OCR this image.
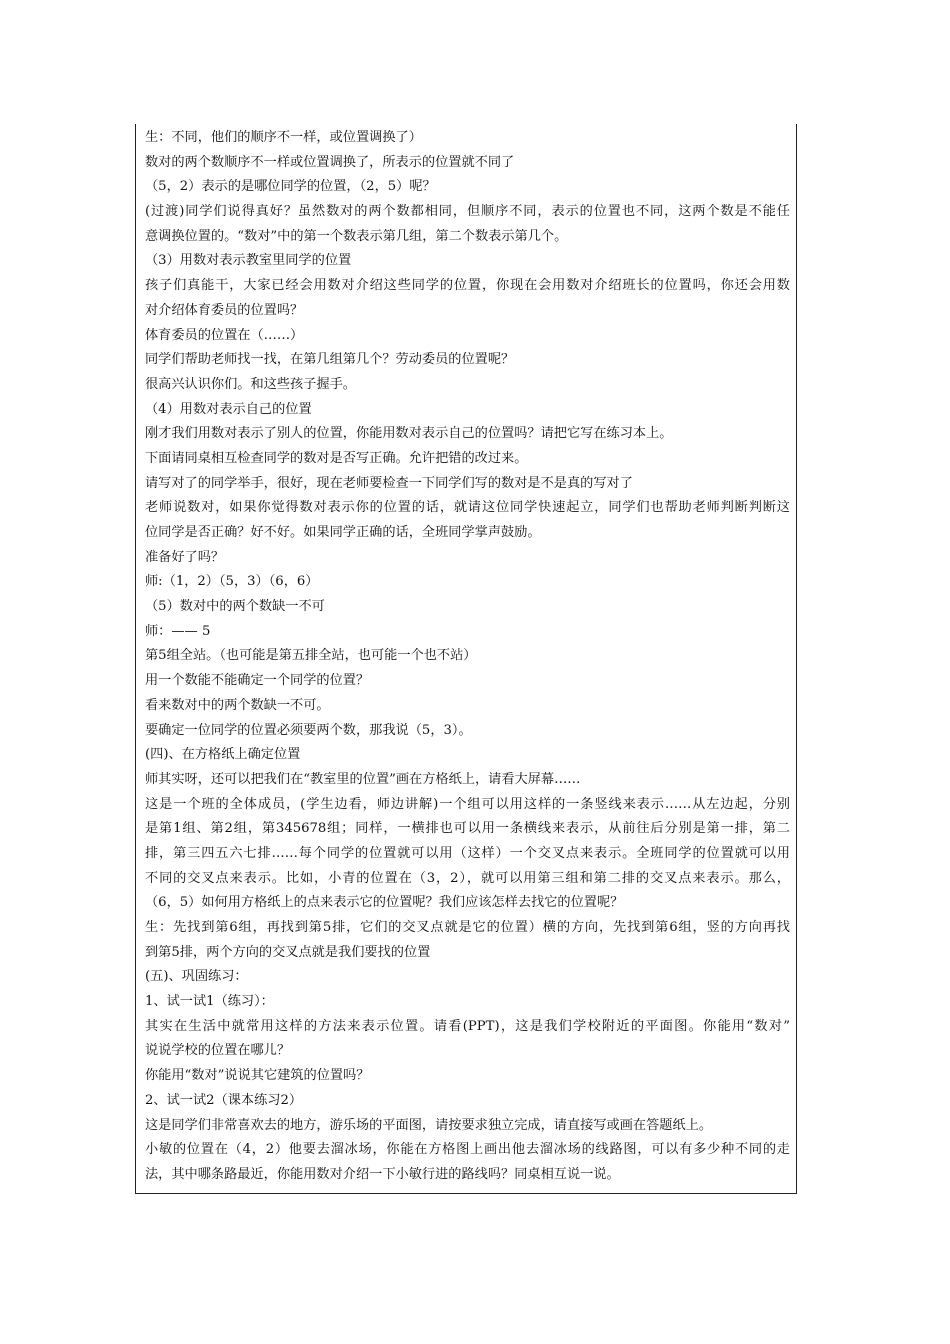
生：不同，他们的顺序不一样，或位置调换了）
数对的两个数顺序不一样或位置调换了，所表示的位置就不同了
（5，2）表示的是哪位同学的位置，（2，5）呢？
(过渡)同学们说得真好？虽然数对的两个数都相同，但顺序不同，表示的位置也不同，这两个数是不能任
意调换位置的。“数对”中的第一个数表示第几组，第二个数表示第几个。
（3）用数对表示教室里同学的位置
孩子们真能干，大家已经会用数对介绍这些同学的位置，你现在会用数对介绍班长的位置吗，你还会用数
对介绍体育委员的位置吗？
体育委员的位置在（……）
同学们帮助老师找一找，在第几组第几个？劳动委员的位置呢？
很高兴认识你们。和这些孩子握手。
（4）用数对表示自己的位置
刚才我们用数对表示了别人的位置，你能用数对表示自己的位置吗？请把它写在练习本上。
下面请同桌相互检查同学的数对是否写正确。允许把错的改过来。
请写对了的同学举手，很好，现在老师要检查一下同学们写的数对是不是真的写对了
老师说数对，如果你觉得数对表示你的位置的话，就请这位同学快速起立，同学们也帮助老师判断判断这
位同学是否正确？好不好。如果同学正确的话，全班同学掌声鼓励。
准备好了吗？
师:（1，2）（5，3）（6，6）
（5）数对中的两个数缺一不可
师：—— 5
第5组全站。（也可能是第五排全站，也可能一个也不站）
用一个数能不能确定一个同学的位置？
看来数对中的两个数缺一不可。
要确定一位同学的位置必须要两个数，那我说（5，3）。
(四)、在方格纸上确定位置
师其实呀，还可以把我们在“教室里的位置”画在方格纸上，请看大屏幕……
这是一个班的全体成员，(学生边看，师边讲解)一个组可以用这样的一条竖线来表示……从左边起，分别
是第1组、第2组，第345678组；同样，一横排也可以用一条横线来表示，从前往后分别是第一排，第二
排，第三四五六七排……每个同学的位置就可以用（这样）一个交叉点来表示。全班同学的位置就可以用
不同的交叉点来表示。比如，小青的位置在（3，2），就可以用第三组和第二排的交叉点来表示。那么，
（6，5）如何用方格纸上的点来表示它的位置呢？我们应该怎样去找它的位置呢？
生：先找到第6组，再找到第5排，它们的交叉点就是它的位置）横的方向，先找到第6组，竖的方向再找
到第5排，两个方向的交叉点就是我们要找的位置
(五)、巩固练习：
1、试一试1（练习）：
其实在生活中就常用这样的方法来表示位置。请看(PPT)，这是我们学校附近的平面图。你能用“数对”
说说学校的位置在哪儿？
你能用“数对”说说其它建筑的位置吗？
2、试一试2（课本练习2）
这是同学们非常喜欢去的地方，游乐场的平面图，请按要求独立完成，请直接写或画在答题纸上。
小敏的位置在（4，2）他要去溜冰场，你能在方格图上画出他去溜冰场的线路图，可以有多少种不同的走
法，其中哪条路最近，你能用数对介绍一下小敏行进的路线吗？同桌相互说一说。
